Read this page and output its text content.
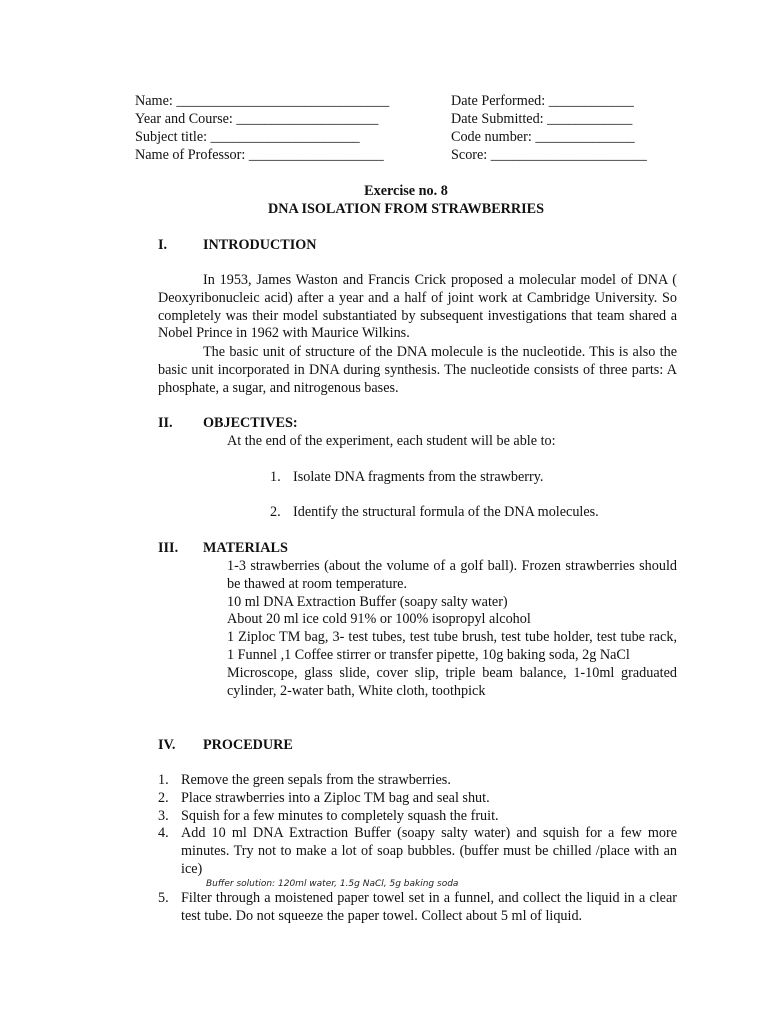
Name: ______________________________
Year and Course: ____________________
Subject title: _____________________
Name of Professor: ___________________
Date Performed: ____________
Date Submitted: ____________
Code number: ______________
Score: ______________________
Exercise no. 8
DNA ISOLATION FROM STRAWBERRIES
I.	INTRODUCTION
In 1953, James Waston and Francis Crick proposed a molecular model of DNA ( Deoxyribonucleic acid) after a year and a half of joint work at Cambridge University. So completely was their model substantiated by subsequent investigations that team shared a Nobel Prince in 1962 with Maurice Wilkins.
The basic unit of structure of the DNA molecule is the nucleotide. This is also the basic unit incorporated in DNA during synthesis. The nucleotide consists of three parts: A phosphate, a sugar, and nitrogenous bases.
II. OBJECTIVES:
At the end of the experiment, each student will be able to:
1. Isolate DNA fragments from the strawberry.
2. Identify the structural formula of the DNA molecules.
III. MATERIALS
1-3 strawberries (about the volume of a golf ball). Frozen strawberries should be thawed at room temperature.
10 ml DNA Extraction Buffer (soapy salty water)
About 20 ml ice cold 91% or 100% isopropyl alcohol
1 Ziploc TM bag, 3- test tubes, test tube brush, test tube holder, test tube rack, 1 Funnel ,1 Coffee stirrer or transfer pipette, 10g baking soda, 2g NaCl
Microscope, glass slide, cover slip, triple beam balance, 1-10ml graduated cylinder, 2-water bath, White cloth, toothpick
IV. PROCEDURE
1. Remove the green sepals from the strawberries.
2. Place strawberries into a Ziploc TM bag and seal shut.
3. Squish for a few minutes to completely squash the fruit.
4. Add 10 ml DNA Extraction Buffer (soapy salty water) and squish for a few more minutes. Try not to make a lot of soap bubbles. (buffer must be chilled /place with an ice)
Buffer solution: 120ml water, 1.5g NaCl, 5g baking soda
5. Filter through a moistened paper towel set in a funnel, and collect the liquid in a clear test tube. Do not squeeze the paper towel. Collect about 5 ml of liquid.
